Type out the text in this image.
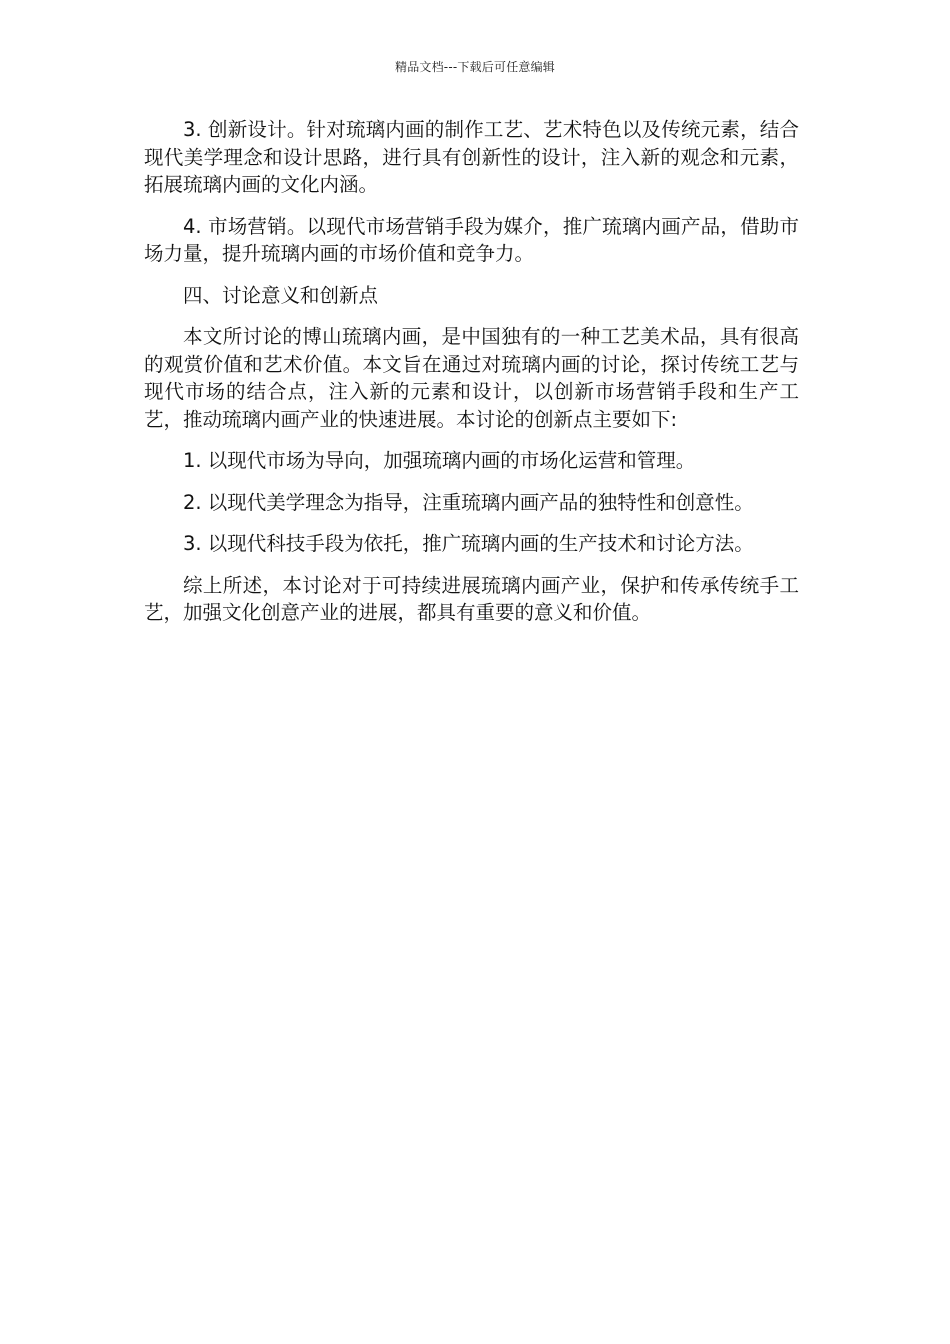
精品文档---下载后可任意编辑

3. 创新设计。针对琉璃内画的制作工艺、艺术特色以及传统元素，结合现代美学理念和设计思路，进行具有创新性的设计，注入新的观念和元素，拓展琉璃内画的文化内涵。

4. 市场营销。以现代市场营销手段为媒介，推广琉璃内画产品，借助市场力量，提升琉璃内画的市场价值和竞争力。

四、讨论意义和创新点

本文所讨论的博山琉璃内画，是中国独有的一种工艺美术品，具有很高的观赏价值和艺术价值。本文旨在通过对琉璃内画的讨论，探讨传统工艺与现代市场的结合点，注入新的元素和设计，以创新市场营销手段和生产工艺，推动琉璃内画产业的快速进展。本讨论的创新点主要如下:

1. 以现代市场为导向，加强琉璃内画的市场化运营和管理。

2. 以现代美学理念为指导，注重琉璃内画产品的独特性和创意性。

3. 以现代科技手段为依托，推广琉璃内画的生产技术和讨论方法。

综上所述，本讨论对于可持续进展琉璃内画产业，保护和传承传统手工艺，加强文化创意产业的进展，都具有重要的意义和价值。
